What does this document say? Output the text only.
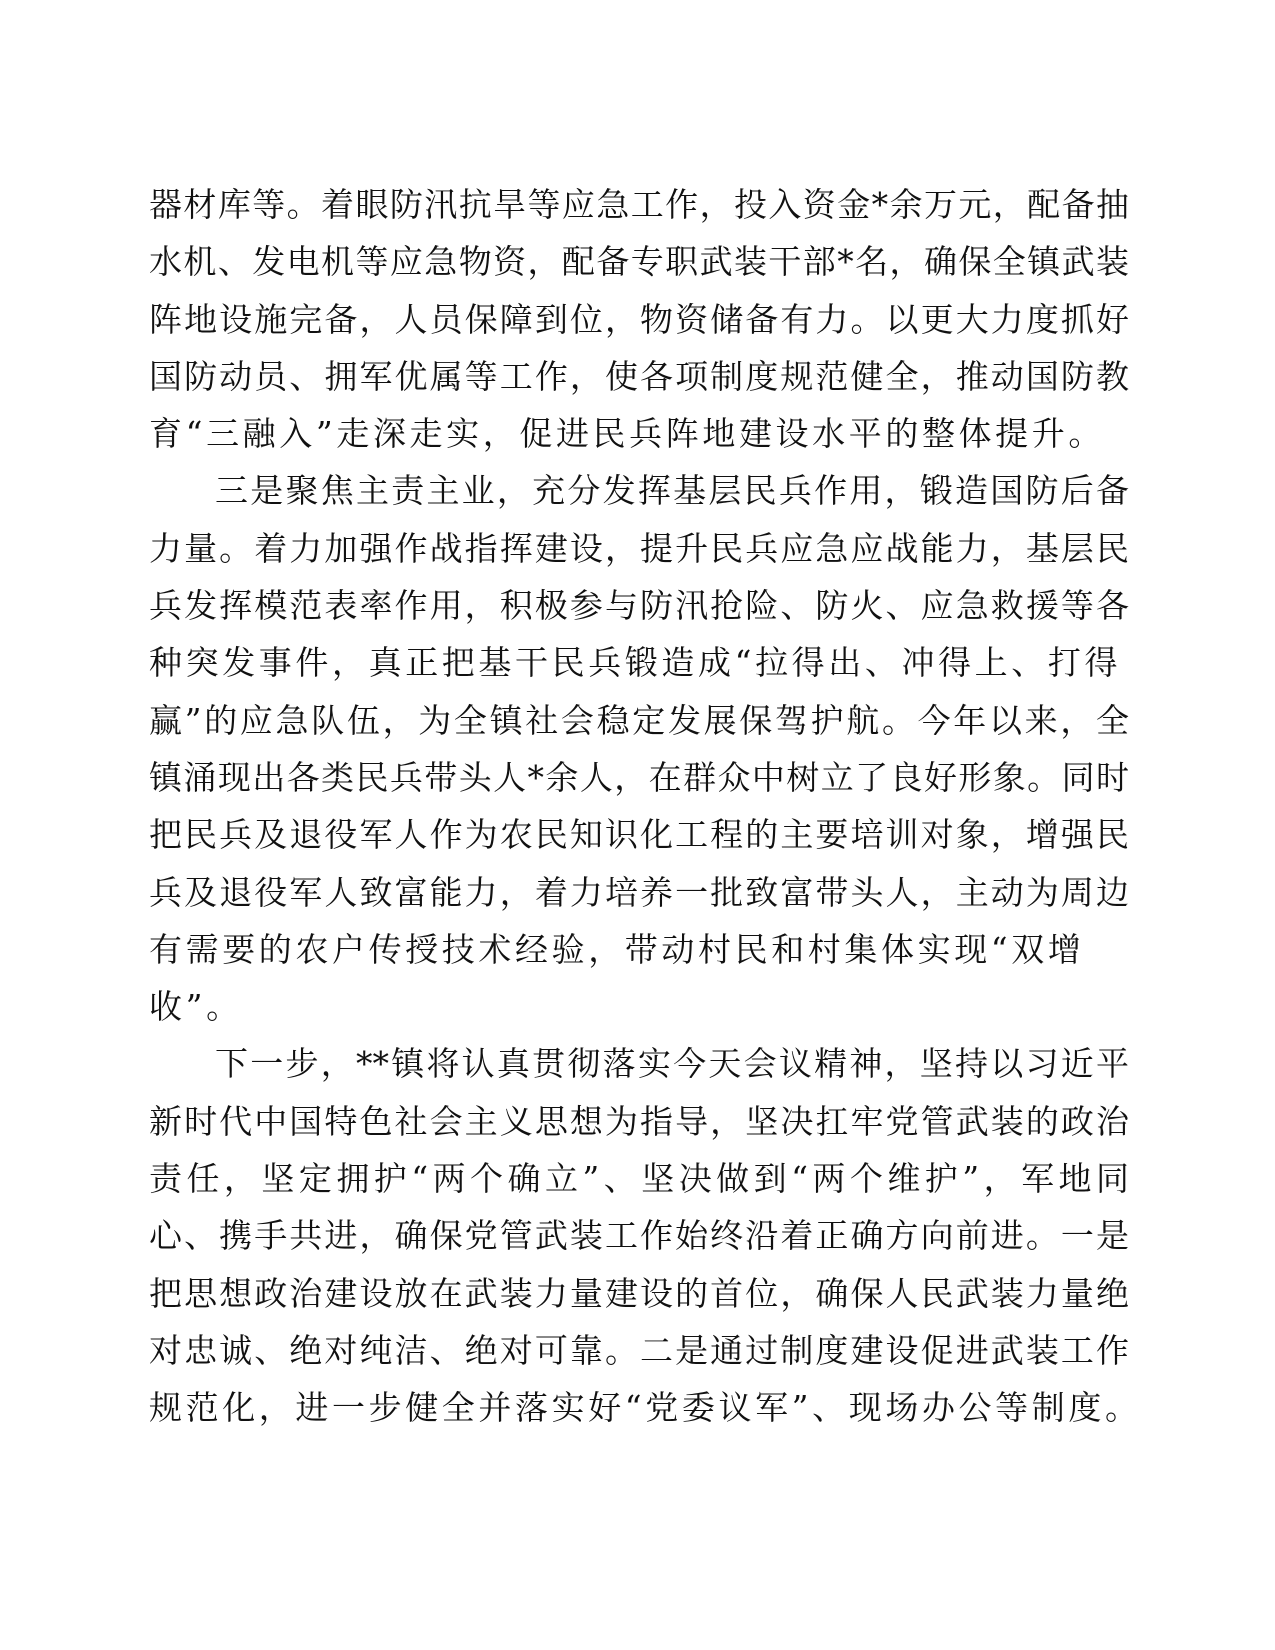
器材库等。着眼防汛抗旱等应急工作，投入资金*余万元，配备抽
水机、发电机等应急物资，配备专职武装干部*名，确保全镇武装
阵地设施完备，人员保障到位，物资储备有力。以更大力度抓好
国防动员、拥军优属等工作，使各项制度规范健全，推动国防教
育“三融入”走深走实，促进民兵阵地建设水平的整体提升。
三是聚焦主责主业，充分发挥基层民兵作用，锻造国防后备
力量。着力加强作战指挥建设，提升民兵应急应战能力，基层民
兵发挥模范表率作用，积极参与防汛抢险、防火、应急救援等各
种突发事件，真正把基干民兵锻造成“拉得出、冲得上、打得
赢”的应急队伍，为全镇社会稳定发展保驾护航。今年以来，全
镇涌现出各类民兵带头人*余人，在群众中树立了良好形象。同时
把民兵及退役军人作为农民知识化工程的主要培训对象，增强民
兵及退役军人致富能力，着力培养一批致富带头人，主动为周边
有需要的农户传授技术经验，带动村民和村集体实现“双增
收”。
下一步，**镇将认真贯彻落实今天会议精神，坚持以习近平
新时代中国特色社会主义思想为指导，坚决扛牢党管武装的政治
责任，坚定拥护“两个确立”、坚决做到“两个维护”，军地同
心、携手共进，确保党管武装工作始终沿着正确方向前进。一是
把思想政治建设放在武装力量建设的首位，确保人民武装力量绝
对忠诚、绝对纯洁、绝对可靠。二是通过制度建设促进武装工作
规范化，进一步健全并落实好“党委议军”、现场办公等制度。
